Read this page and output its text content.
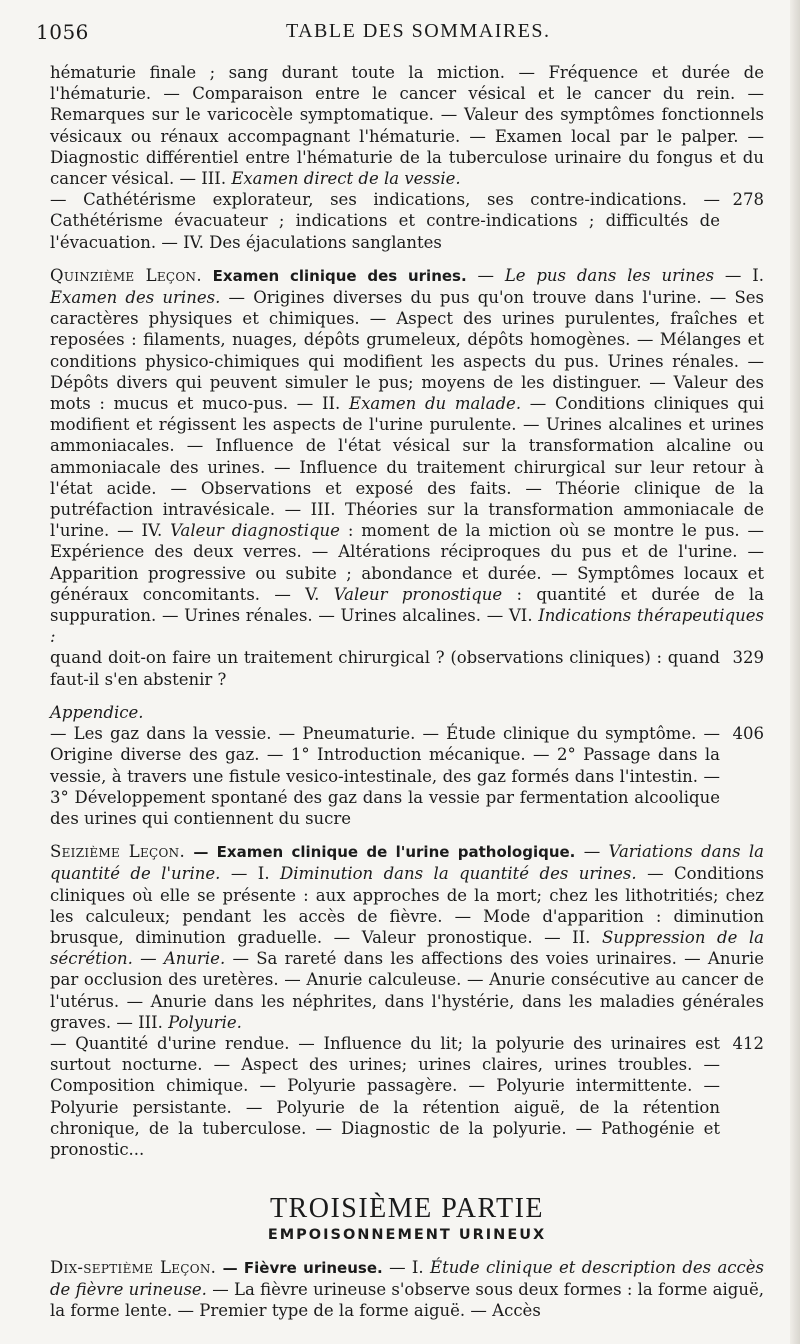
1056	TABLE DES SOMMAIRES.

hématurie finale ; sang durant toute la miction. — Fréquence et durée de l'hématurie. — Comparaison entre le cancer vésical et le cancer du rein. — Remarques sur le varicocèle symptomatique. — Valeur des symptômes fonctionnels vésicaux ou rénaux accompagnant l'hématurie. — Examen local par le palper. — Diagnostic différentiel entre l'hématurie de la tuberculose urinaire du fongus et du cancer vésical. — III. Examen direct de la vessie.
— Cathétérisme explorateur, ses indications, ses contre-indications. — Cathétérisme évacuateur ; indications et contre-indications ; difficultés de l'évacuation. — IV. Des éjaculations sanglantes
278

Quinzième Leçon. Examen clinique des urines. — Le pus dans les urines — I. Examen des urines. — Origines diverses du pus qu'on trouve dans l'urine. — Ses caractères physiques et chimiques. — Aspect des urines purulentes, fraîches et reposées : filaments, nuages, dépôts grumeleux, dépôts homogènes. — Mélanges et conditions physico-chimiques qui modifient les aspects du pus. Urines rénales. — Dépôts divers qui peuvent simuler le pus; moyens de les distinguer. — Valeur des mots : mucus et muco-pus. — II. Examen du malade. — Conditions cliniques qui modifient et régissent les aspects de l'urine purulente. — Urines alcalines et urines ammoniacales. — Influence de l'état vésical sur la transformation alcaline ou ammoniacale des urines. — Influence du traitement chirurgical sur leur retour à l'état acide. — Observations et exposé des faits. — Théorie clinique de la putréfaction intravésicale. — III. Théories sur la transformation ammoniacale de l'urine. — IV. Valeur diagnostique : moment de la miction où se montre le pus. — Expérience des deux verres. — Altérations réciproques du pus et de l'urine. — Apparition progressive ou subite ; abondance et durée. — Symptômes locaux et généraux concomitants. — V. Valeur pronostique : quantité et durée de la suppuration. — Urines rénales. — Urines alcalines. — VI. Indications thérapeutiques :
quand doit-on faire un traitement chirurgical ? (observations cliniques) : quand faut-il s'en abstenir ?
329

Appendice.
— Les gaz dans la vessie. — Pneumaturie. — Étude clinique du symptôme. — Origine diverse des gaz. — 1° Introduction mécanique. — 2° Passage dans la vessie, à travers une fistule vesico-intestinale, des gaz formés dans l'intestin. — 3° Développement spontané des gaz dans la vessie par fermentation alcoolique des urines qui contiennent du sucre
406

Seizième Leçon. — Examen clinique de l'urine pathologique. — Variations dans la quantité de l'urine. — I. Diminution dans la quantité des urines. — Conditions cliniques où elle se présente : aux approches de la mort; chez les lithotritiés; chez les calculeux; pendant les accès de fièvre. — Mode d'apparition : diminution brusque, diminution graduelle. — Valeur pronostique. — II. Suppression de la sécrétion. — Anurie. — Sa rareté dans les affections des voies urinaires. — Anurie par occlusion des uretères. — Anurie calculeuse. — Anurie consécutive au cancer de l'utérus. — Anurie dans les néphrites, dans l'hystérie, dans les maladies générales graves. — III. Polyurie.
— Quantité d'urine rendue. — Influence du lit; la polyurie des urinaires est surtout nocturne. — Aspect des urines; urines claires, urines troubles. — Composition chimique. — Polyurie passagère. — Polyurie intermittente. — Polyurie persistante. — Polyurie de la rétention aiguë, de la rétention chronique, de la tuberculose. — Diagnostic de la polyurie. — Pathogénie et pronostic...
412

TROISIÈME PARTIE
EMPOISONNEMENT URINEUX

Dix-septième Leçon. — Fièvre urineuse. — I. Étude clinique et description des accès de fièvre urineuse. — La fièvre urineuse s'observe sous deux formes : la forme aiguë, la forme lente. — Premier type de la forme aiguë. — Accès
